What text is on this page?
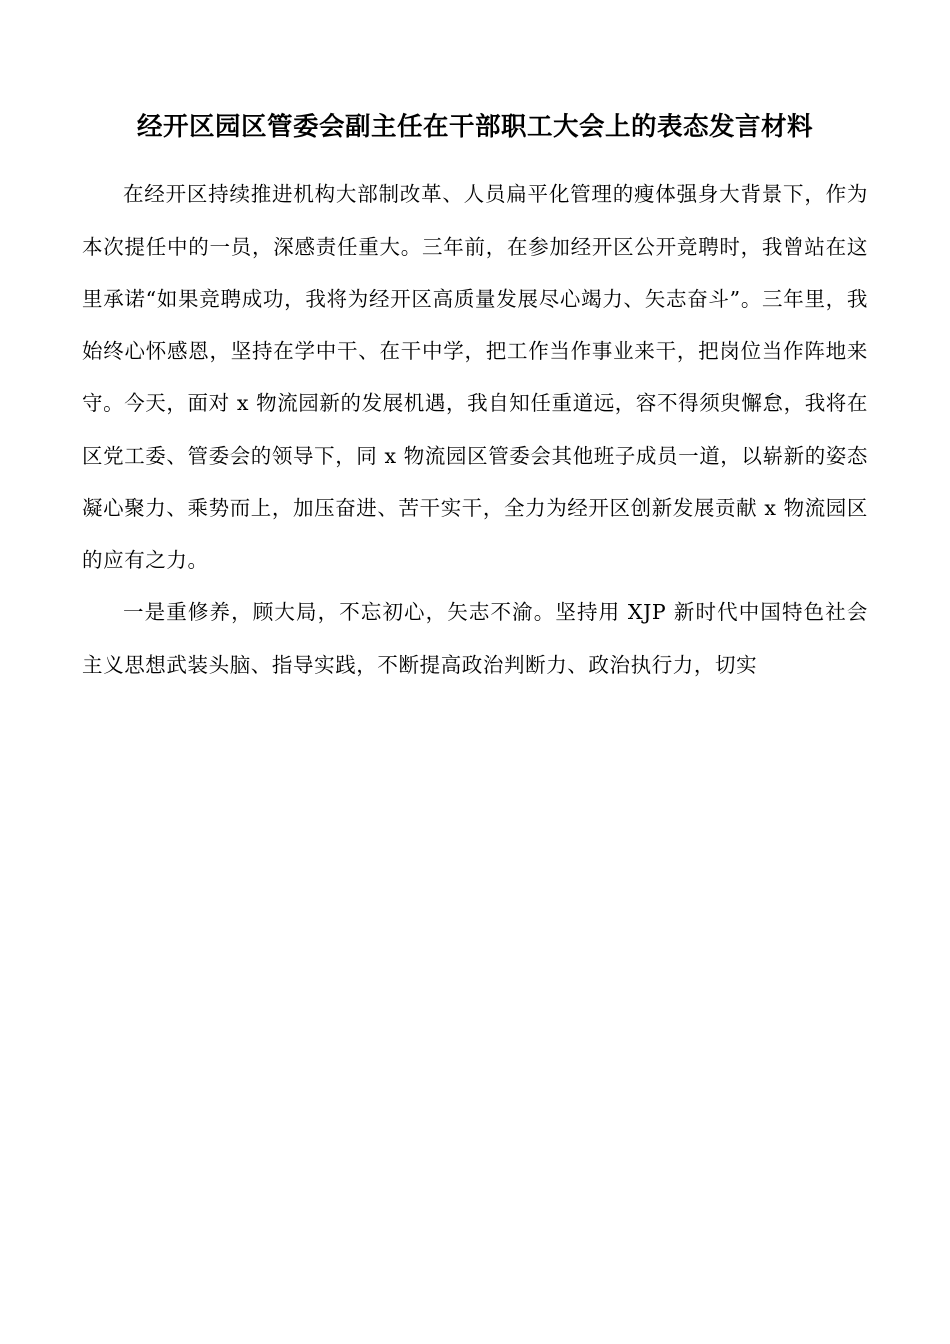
经开区园区管委会副主任在干部职工大会上的表态发言材料

在经开区持续推进机构大部制改革、人员扁平化管理的瘦体强身大背景下，作为本次提任中的一员，深感责任重大。三年前，在参加经开区公开竞聘时，我曾站在这里承诺“如果竞聘成功，我将为经开区高质量发展尽心竭力、矢志奋斗”。三年里，我始终心怀感恩，坚持在学中干、在干中学，把工作当作事业来干，把岗位当作阵地来守。今天，面对 x 物流园新的发展机遇，我自知任重道远，容不得须臾懈怠，我将在区党工委、管委会的领导下，同 x 物流园区管委会其他班子成员一道，以崭新的姿态凝心聚力、乘势而上，加压奋进、苦干实干，全力为经开区创新发展贡献 x 物流园区的应有之力。

一是重修养，顾大局，不忘初心，矢志不渝。坚持用 XJP 新时代中国特色社会主义思想武装头脑、指导实践，不断提高政治判断力、政治执行力，切实
